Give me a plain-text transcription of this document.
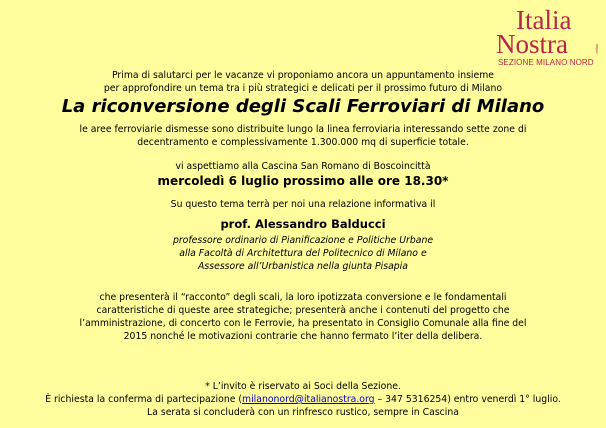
Italia
Nostra	onlus
SEZIONE MILANO NORD
Prima di salutarci per le vacanze vi proponiamo ancora un appuntamento insieme
per approfondire un tema tra i più strategici e delicati per il prossimo futuro di Milano
La riconversione degli Scali Ferroviari di Milano
le aree ferroviarie dismesse sono distribuite lungo la linea ferroviaria interessando sette zone di
decentramento e complessivamente 1.300.000 mq di superficie totale.
vi aspettiamo alla Cascina San Romano di Boscoincittà
mercoledì 6 luglio prossimo alle ore 18.30*
Su questo tema terrà per noi una relazione informativa il
prof. Alessandro Balducci
professore ordinario di Pianificazione e Politiche Urbane
alla Facoltà di Architettura del Politecnico di Milano e
Assessore all’Urbanistica nella giunta Pisapia
che presenterà il “racconto” degli scali, la loro ipotizzata conversione e le fondamentali
caratteristiche di queste aree strategiche; presenterà anche i contenuti del progetto che
l’amministrazione, di concerto con le Ferrovie, ha presentato in Consiglio Comunale alla fine del
2015 nonché le motivazioni contrarie che hanno fermato l’iter della delibera.
* L’invito è riservato ai Soci della Sezione.
È richiesta la conferma di partecipazione (milanonord@italianostra.org – 347 5316254) entro venerdì 1° luglio.
La serata si concluderà con un rinfresco rustico, sempre in Cascina
